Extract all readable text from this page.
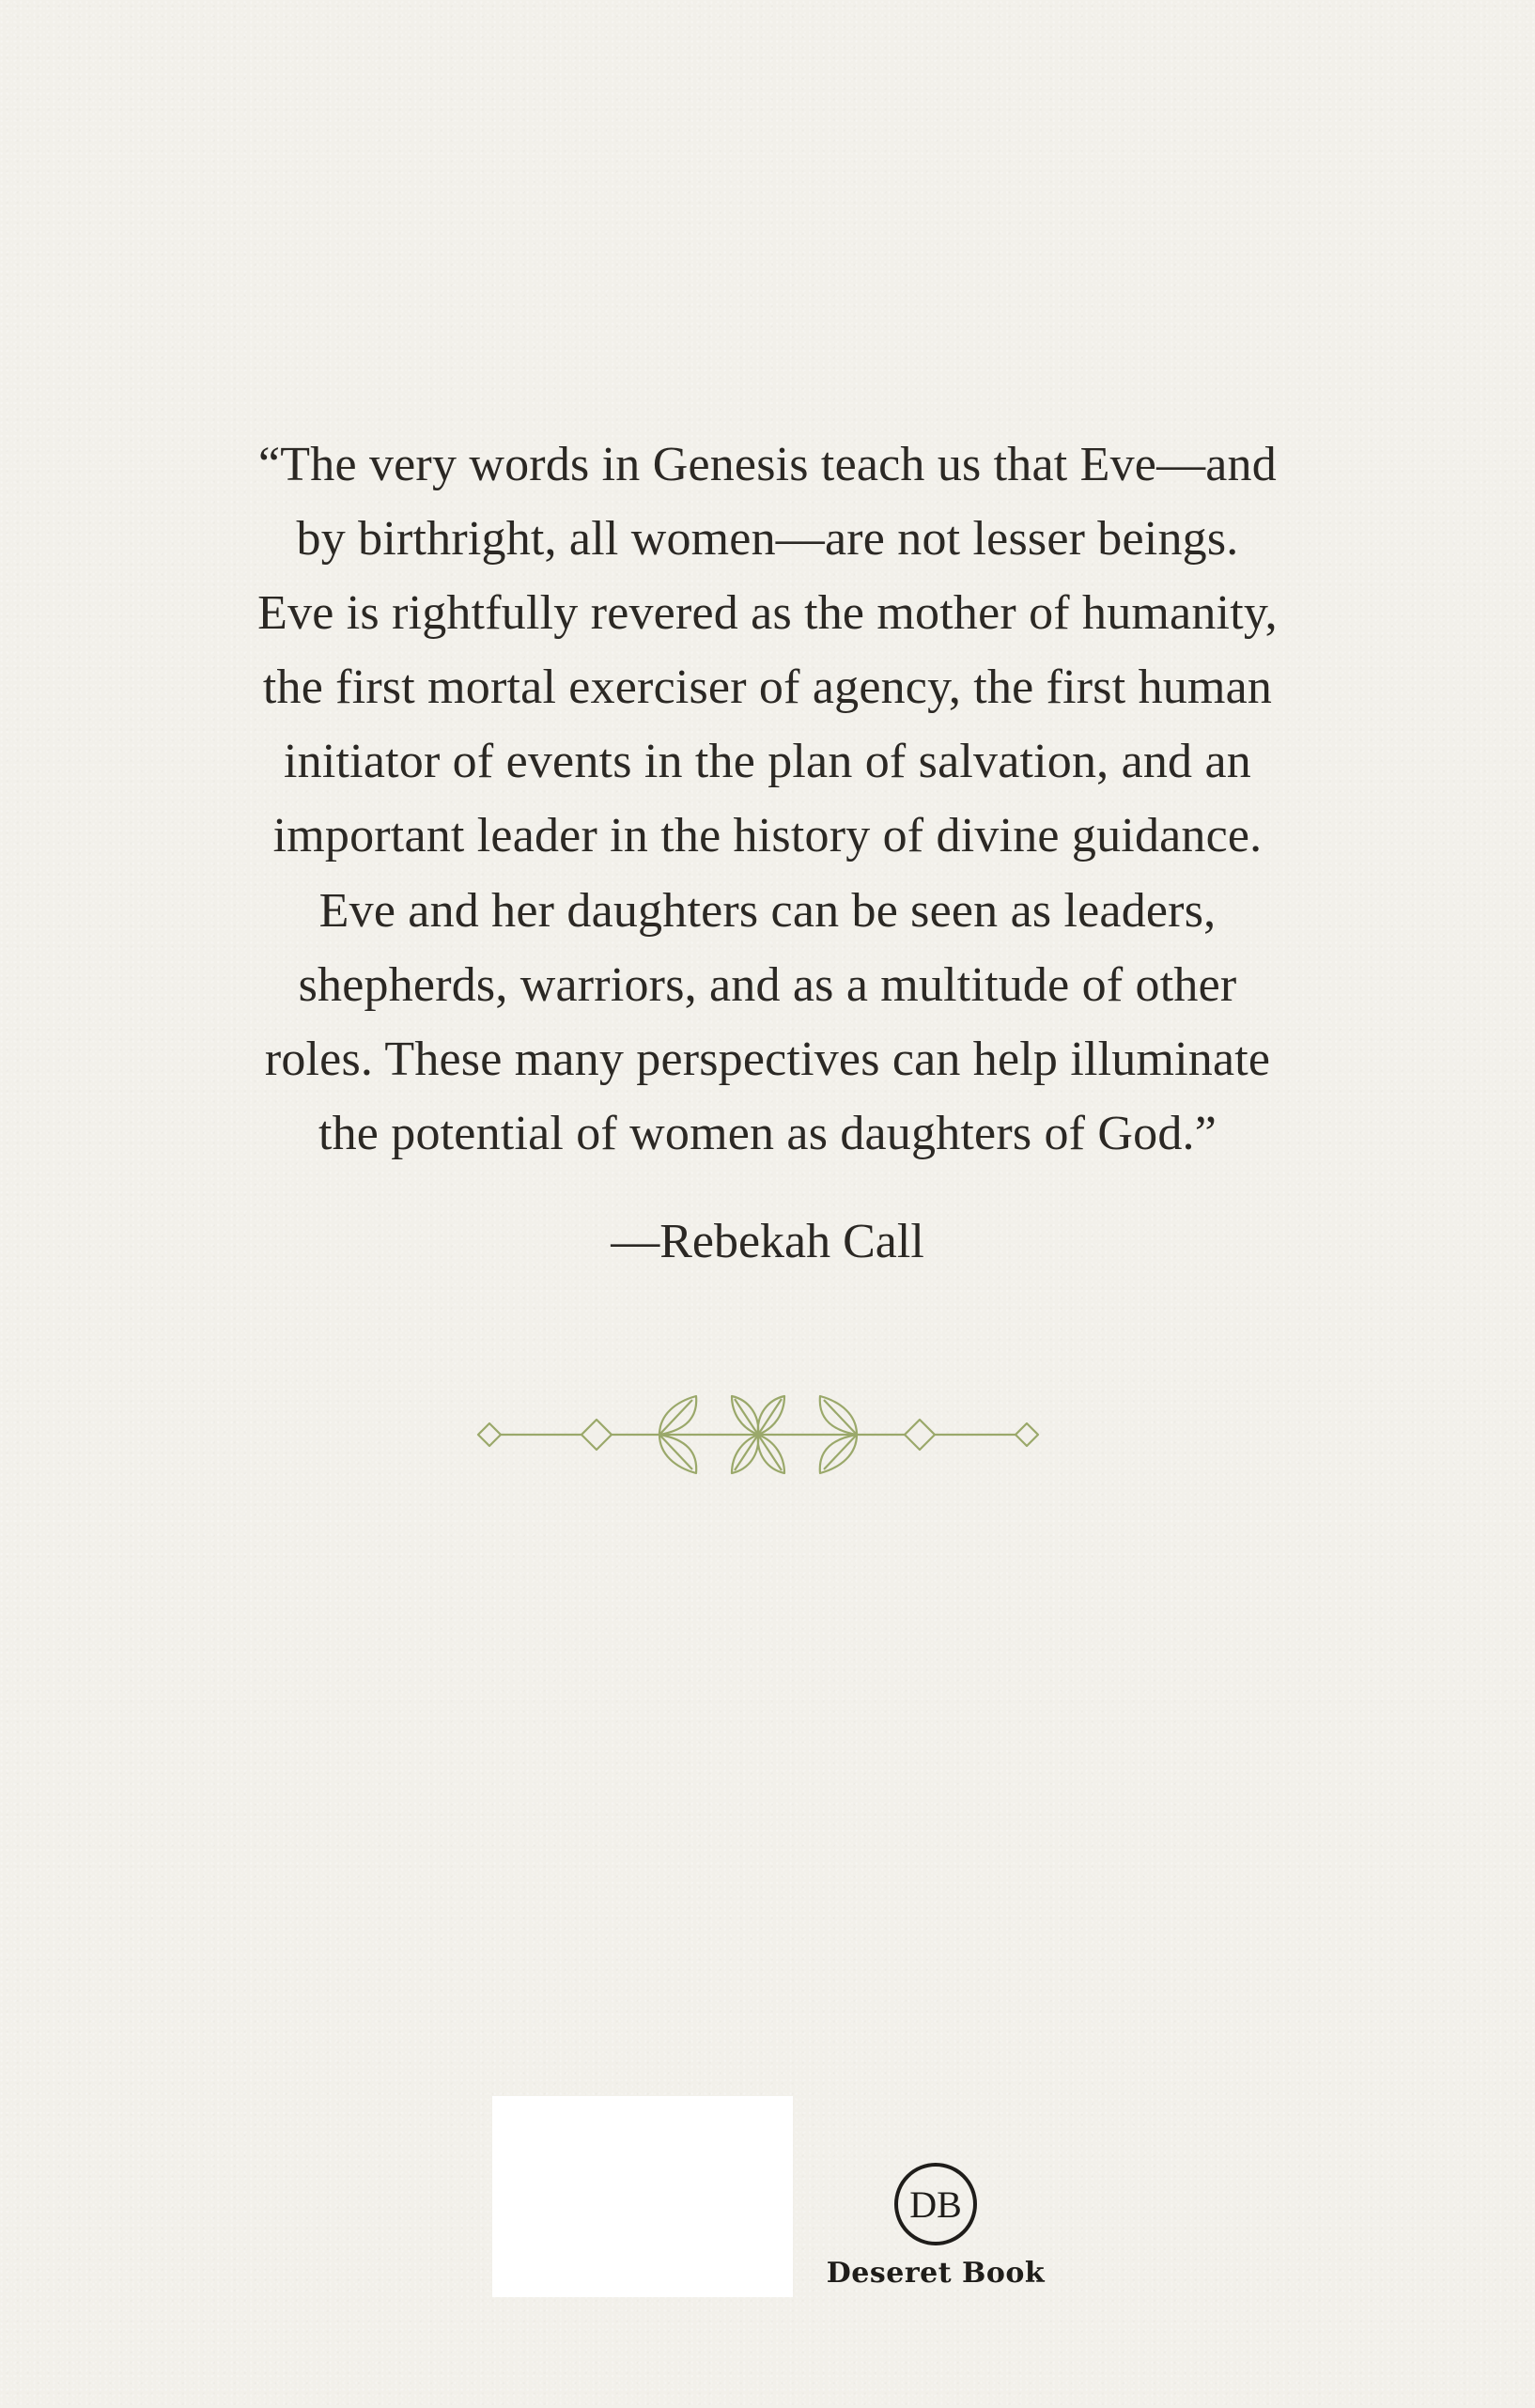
“The very words in Genesis teach us that Eve—and
by birthright, all women—are not lesser beings.
Eve is rightfully revered as the mother of humanity,
the first mortal exerciser of agency, the first human
initiator of events in the plan of salvation, and an
important leader in the history of divine guidance.
Eve and her daughters can be seen as leaders,
shepherds, warriors, and as a multitude of other
roles. These many perspectives can help illuminate
the potential of women as daughters of God.”
—Rebekah Call
DB
Deseret Book
